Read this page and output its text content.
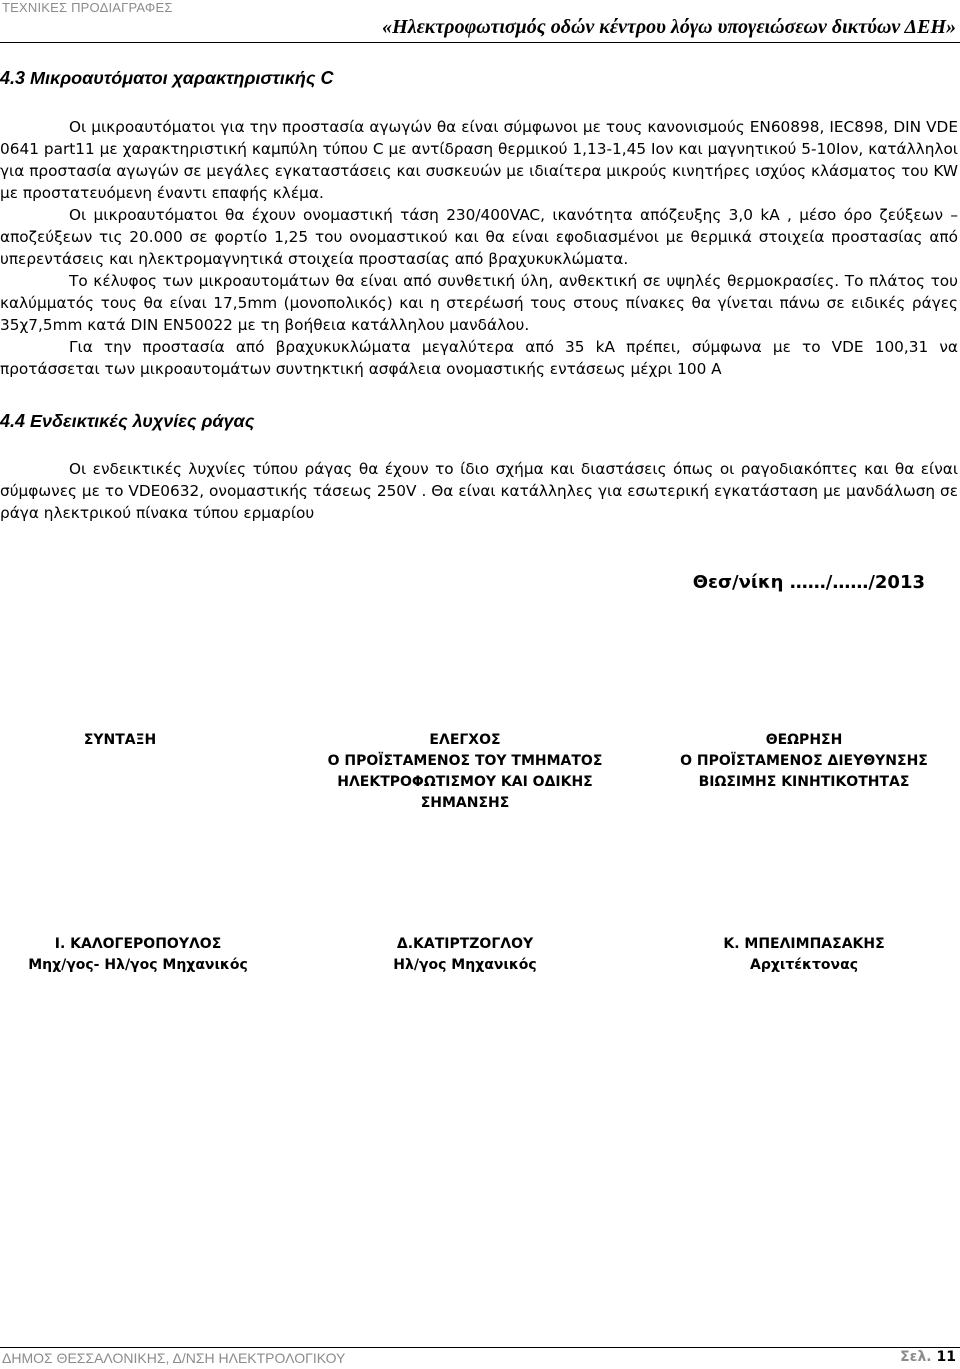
ΤΕΧΝΙΚΕΣ ΠΡΟΔΙΑΓΡΑΦΕΣ
«Ηλεκτροφωτισμός οδών κέντρου λόγω υπογειώσεων δικτύων ΔΕΗ»
4.3 Μικροαυτόματοι χαρακτηριστικής C

Οι μικροαυτόματοι για την προστασία αγωγών θα είναι σύμφωνοι με τους κανονισμούς EN60898, IEC898, DIN VDE 0641 part11 με χαρακτηριστική καμπύλη τύπου C με αντίδραση θερμικού 1,13-1,45 Ιον και μαγνητικού 5-10Ιον, κατάλληλοι για προστασία αγωγών σε μεγάλες εγκαταστάσεις και συσκευών με ιδιαίτερα μικρούς κινητήρες ισχύος κλάσματος του KW με προστατευόμενη έναντι επαφής κλέμα.

Οι μικροαυτόματοι θα έχουν ονομαστική τάση 230/400VAC, ικανότητα απόζευξης 3,0 kA , μέσο όρο ζεύξεων –αποζεύξεων τις 20.000 σε φορτίο 1,25 του ονομαστικού και θα είναι εφοδιασμένοι με θερμικά στοιχεία προστασίας από υπερεντάσεις και ηλεκτρομαγνητικά στοιχεία προστασίας από βραχυκυκλώματα.

Το κέλυφος των μικροαυτομάτων θα είναι από συνθετική ύλη, ανθεκτική σε υψηλές θερμοκρασίες. Το πλάτος του καλύμματός τους θα είναι 17,5mm (μονοπολικός) και η στερέωσή τους στους πίνακες θα γίνεται πάνω σε ειδικές ράγες 35χ7,5mm κατά DIN EN50022 με τη βοήθεια κατάλληλου μανδάλου.

Για την προστασία από βραχυκυκλώματα μεγαλύτερα από 35 kA πρέπει, σύμφωνα με το VDE 100,31 να προτάσσεται των μικροαυτομάτων συντηκτική ασφάλεια ονομαστικής εντάσεως μέχρι 100 A

4.4 Ενδεικτικές λυχνίες ράγας

Οι ενδεικτικές λυχνίες τύπου ράγας θα έχουν το ίδιο σχήμα και διαστάσεις όπως οι ραγοδιακόπτες και θα είναι σύμφωνες με το VDE0632, ονομαστικής τάσεως 250V . Θα είναι κατάλληλες για εσωτερική εγκατάσταση με μανδάλωση σε ράγα ηλεκτρικού πίνακα τύπου ερμαρίου

Θεσ/νίκη ……/……/2013
ΣΥΝΤΑΞΗ
Ι. ΚΑΛΟΓΕΡΟΠΟΥΛΟΣ
Μηχ/γος- Ηλ/γος Μηχανικός
ΕΛΕΓΧΟΣ
Ο ΠΡΟΪΣΤΑΜΕΝΟΣ ΤΟΥ ΤΜΗΜΑΤΟΣ
ΗΛΕΚΤΡΟΦΩΤΙΣΜΟΥ ΚΑΙ ΟΔΙΚΗΣ
ΣΗΜΑΝΣΗΣ
Δ.ΚΑΤΙΡΤΖΟΓΛΟΥ
Ηλ/γος Μηχανικός
ΘΕΩΡΗΣΗ
Ο ΠΡΟΪΣΤΑΜΕΝΟΣ ΔΙΕΥΘΥΝΣΗΣ
ΒΙΩΣΙΜΗΣ ΚΙΝΗΤΙΚΟΤΗΤΑΣ
Κ. ΜΠΕΛΙΜΠΑΣΑΚΗΣ
Αρχιτέκτονας
ΔΗΜΟΣ ΘΕΣΣΑΛΟΝΙΚΗΣ, Δ/ΝΣΗ ΗΛΕΚΤΡΟΛΟΓΙΚΟΥ	Σελ. 11
